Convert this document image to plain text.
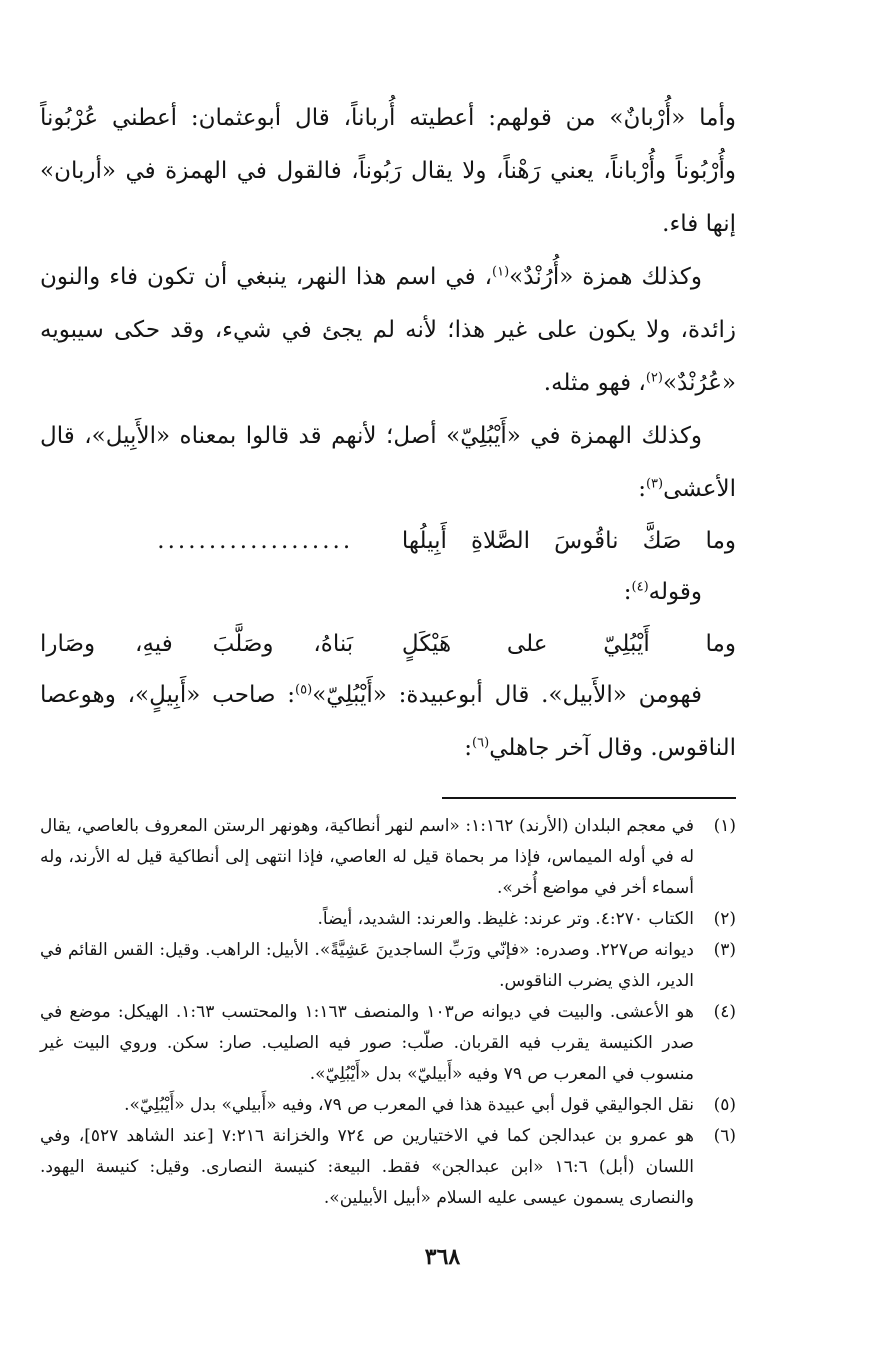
وأما «أُرْبانٌ» من قولهم: أعطيته أُرباناً، قال أبوعثمان: أعطني عُرْبُوناً وأُرْبُوناً وأُرْباناً، يعني رَهْناً، ولا يقال رَبُوناً، فالقول في الهمزة في «أربان» إنها فاء.

وكذلك همزة «أُرُنْدٌ»$^{(١)}$، في اسم هذا النهر، ينبغي أن تكون فاء والنون زائدة، ولا يكون على غير هذا؛ لأنه لم يجئ في شيء، وقد حكى سيبويه «عُرُنْدٌ»$^{(٢)}$، فهو مثله.

وكذلك الهمزة في «أَيْبُلِيّ» أصل؛ لأنهم قد قالوا بمعناه «الأَبِيل»، قال الأعشى$^{(٣)}$:

وما صَكَّ ناقُوسَ الصَّلاةِ أَبِيلُها
...................

وقوله$^{(٤)}$:

وما أَيْبُلِيّ على هَيْكَلٍ
بَناهُ، وصَلَّبَ فيهِ، وصَارا

فهومن «الأَبيل». قال أبوعبيدة: «أَيْبُلِيّ»$^{(٥)}$: صاحب «أَبِيلٍ»، وهوعصا الناقوس. وقال آخر جاهلي$^{(٦)}$:

(١)
في معجم البلدان (الأرند) ١:١٦٢: «اسم لنهر أنطاكية، وهونهر الرستن المعروف بالعاصي، يقال له في أوله الميماس، فإذا مر بحماة قيل له العاصي، فإذا انتهى إلى أنطاكية قيل له الأرند، وله أسماء أخر في مواضع أُخر».
(٢)
الكتاب ٤:٢٧٠. وتر عرند: غليظ. والعرند: الشديد، أيضاً.
(٣)
ديوانه ص٢٢٧. وصدره: «فإنّي ورَبِّ الساجدينَ عَشِيَّةً». الأبيل: الراهب. وقيل: القس القائم في الدير، الذي يضرب الناقوس.
(٤)
هو الأعشى. والبيت في ديوانه ص١٠٣ والمنصف ١:١٦٣ والمحتسب ١:٦٣. الهيكل: موضع في صدر الكنيسة يقرب فيه القربان. صلّب: صور فيه الصليب. صار: سكن. وروي البيت غير منسوب في المعرب ص ٧٩ وفيه «أَبيليّ» بدل «أَيْبُلِيّ».
(٥)
نقل الجواليقي قول أبي عبيدة هذا في المعرب ص ٧٩، وفيه «أَبيلي» بدل «أَيْبُلِيّ».
(٦)
هو عمرو بن عبدالجن كما في الاختيارين ص ٧٢٤ والخزانة ٧:٢١٦ [عند الشاهد ٥٢٧]، وفي اللسان (أبل) ١٦:٦ «ابن عبدالجن» فقط. البيعة: كنيسة النصارى. وقيل: كنيسة اليهود. والنصارى يسمون عيسى عليه السلام «أبيل الأبيلين».
٣٦٨
